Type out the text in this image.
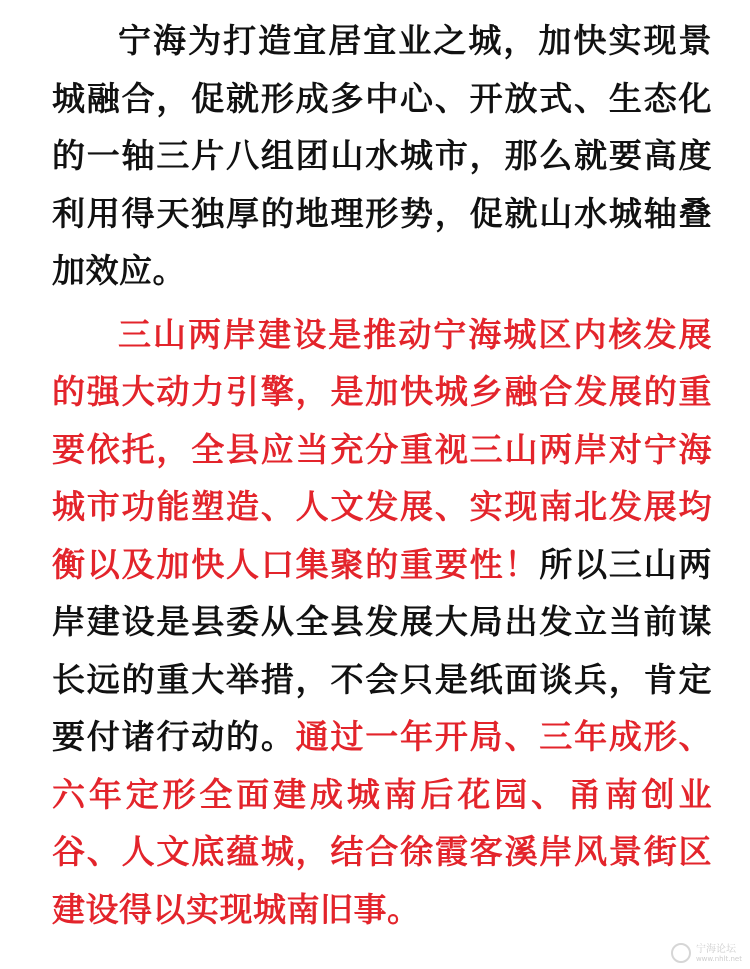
宁海为打造宜居宜业之城，加快实现景城融合，促就形成多中心、开放式、生态化的一轴三片八组团山水城市，那么就要高度利用得天独厚的地理形势，促就山水城轴叠加效应。

三山两岸建设是推动宁海城区内核发展的强大动力引擎，是加快城乡融合发展的重要依托，全县应当充分重视三山两岸对宁海城市功能塑造、人文发展、实现南北发展均衡以及加快人口集聚的重要性！所以三山两岸建设是县委从全县发展大局出发立当前谋长远的重大举措，不会只是纸面谈兵，肯定要付诸行动的。通过一年开局、三年成形、六年定形全面建成城南后花园、甬南创业谷、人文底蕴城，结合徐霞客溪岸风景街区建设得以实现城南旧事。

宁海论坛
www.nhlt.net
